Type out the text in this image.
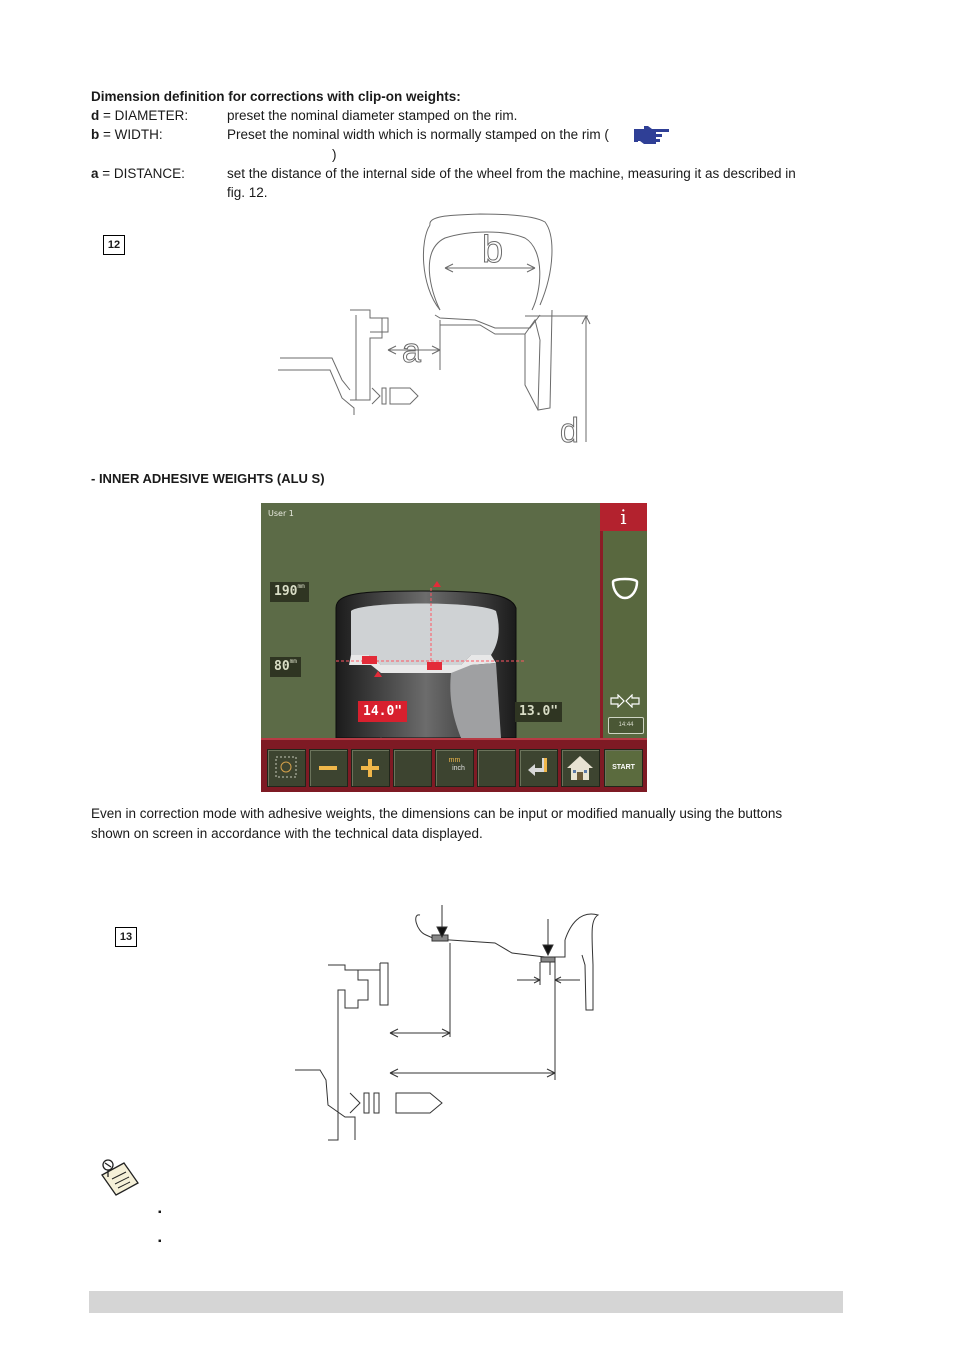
Dimension definition for corrections with clip-on weights:
d = DIAMETER:	preset the nominal diameter stamped on the rim.
b = WIDTH:	Preset the nominal width which is normally stamped on the rim (
)
a = DISTANCE:	set the distance of the internal side of the wheel from the machine, measuring it as described in
fig. 12.
12	b
a
d
- INNER ADHESIVE WEIGHTS (ALU S)
User 1
$190^{mm}$
$80^{mm}$
14.0"	13.0"
i
14:44
mm
inch	START
Even in correction mode with adhesive weights, the dimensions can be input or modified manually using the buttons
shown on screen in accordance with the technical data displayed.
13
▪
▪
